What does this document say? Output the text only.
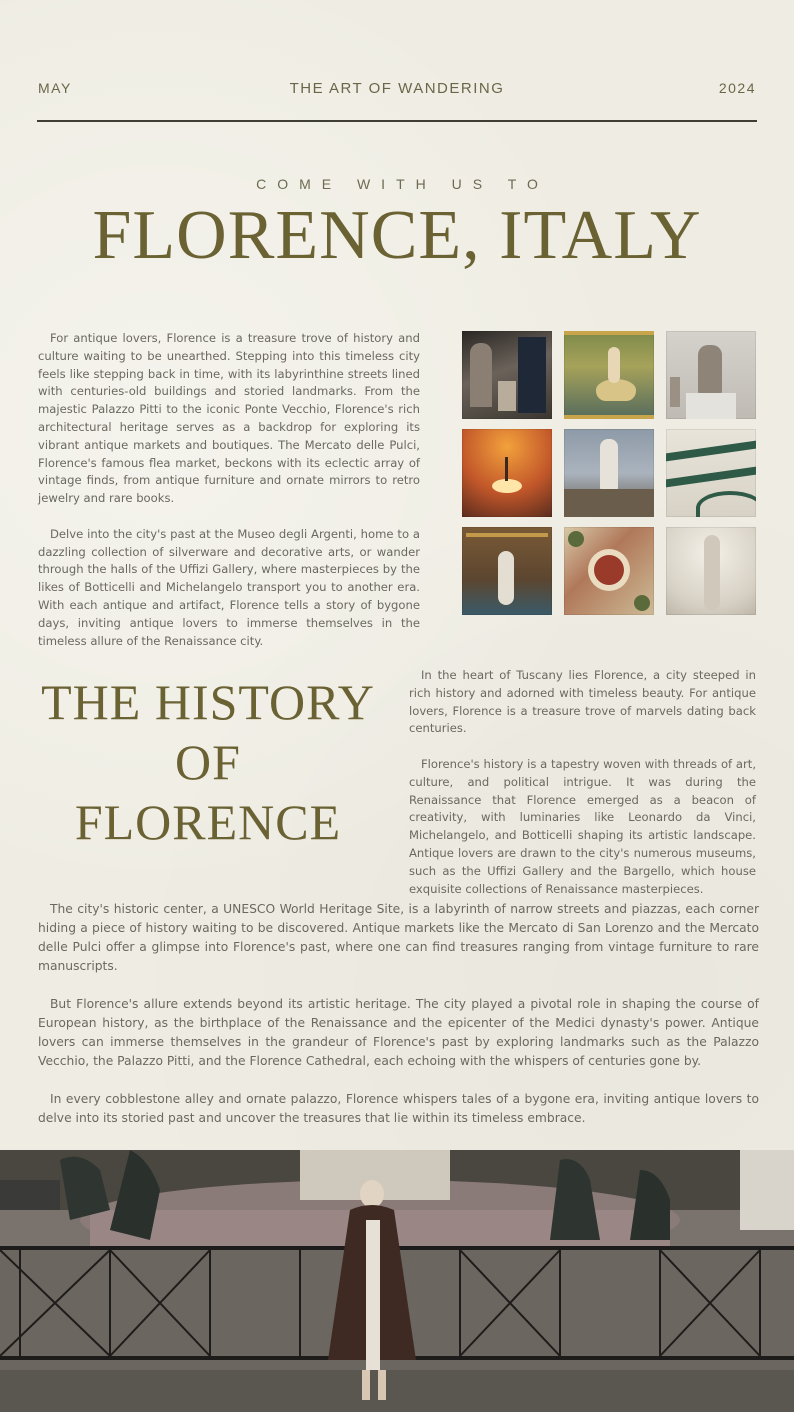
MAY	THE ART OF WANDERING	2024
COME WITH US TO
FLORENCE, ITALY

For antique lovers, Florence is a treasure trove of history and culture waiting to be unearthed. Stepping into this timeless city feels like stepping back in time, with its labyrinthine streets lined with centuries-old buildings and storied landmarks. From the majestic Palazzo Pitti to the iconic Ponte Vecchio, Florence's rich architectural heritage serves as a backdrop for exploring its vibrant antique markets and boutiques. The Mercato delle Pulci, Florence's famous flea market, beckons with its eclectic array of vintage finds, from antique furniture and ornate mirrors to retro jewelry and rare books.

Delve into the city's past at the Museo degli Argenti, home to a dazzling collection of silverware and decorative arts, or wander through the halls of the Uffizi Gallery, where masterpieces by the likes of Botticelli and Michelangelo transport you to another era. With each antique and artifact, Florence tells a story of bygone days, inviting antique lovers to immerse themselves in the timeless allure of the Renaissance city.

THE HISTORY
OF
FLORENCE

In the heart of Tuscany lies Florence, a city steeped in rich history and adorned with timeless beauty. For antique lovers, Florence is a treasure trove of marvels dating back centuries.

Florence's history is a tapestry woven with threads of art, culture, and political intrigue. It was during the Renaissance that Florence emerged as a beacon of creativity, with luminaries like Leonardo da Vinci, Michelangelo, and Botticelli shaping its artistic landscape. Antique lovers are drawn to the city's numerous museums, such as the Uffizi Gallery and the Bargello, which house exquisite collections of Renaissance masterpieces.

The city's historic center, a UNESCO World Heritage Site, is a labyrinth of narrow streets and piazzas, each corner hiding a piece of history waiting to be discovered. Antique markets like the Mercato di San Lorenzo and the Mercato delle Pulci offer a glimpse into Florence's past, where one can find treasures ranging from vintage furniture to rare manuscripts.

But Florence's allure extends beyond its artistic heritage. The city played a pivotal role in shaping the course of European history, as the birthplace of the Renaissance and the epicenter of the Medici dynasty's power. Antique lovers can immerse themselves in the grandeur of Florence's past by exploring landmarks such as the Palazzo Vecchio, the Palazzo Pitti, and the Florence Cathedral, each echoing with the whispers of centuries gone by.

In every cobblestone alley and ornate palazzo, Florence whispers tales of a bygone era, inviting antique lovers to delve into its storied past and uncover the treasures that lie within its timeless embrace.
